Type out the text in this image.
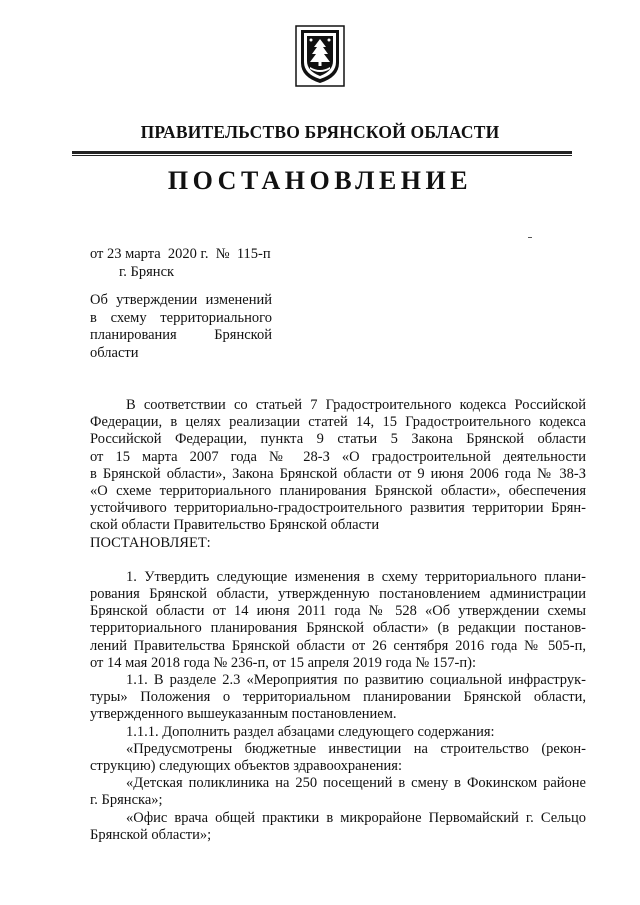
ПРАВИТЕЛЬСТВО БРЯНСКОЙ ОБЛАСТИ
ПОСТАНОВЛЕНИЕ
от 23 марта  2020 г.  №  115-п
г. Брянск
Об утверждении изменений
в схему территориального
планирования Брянской
области
В соответствии со статьей 7 Градостроительного кодекса Российской
Федерации, в целях реализации статей 14, 15 Градостроительного кодекса
Российской Федерации, пункта 9 статьи 5 Закона Брянской области
от 15 марта 2007 года № 28-З «О градостроительной деятельности
в Брянской области», Закона Брянской области от 9 июня 2006 года № 38-З
«О схеме территориального планирования Брянской области», обеспечения
устойчивого территориально-градостроительного развития территории Брян-
ской области Правительство Брянской области
ПОСТАНОВЛЯЕТ:
1. Утвердить следующие изменения в схему территориального плани-
рования Брянской области, утвержденную постановлением администрации
Брянской области от 14 июня 2011 года № 528 «Об утверждении схемы
территориального планирования Брянской области» (в редакции постанов-
лений Правительства Брянской области от 26 сентября 2016 года № 505-п,
от 14 мая 2018 года № 236-п, от 15 апреля 2019 года № 157-п):
1.1. В разделе 2.3 «Мероприятия по развитию социальной инфраструк-
туры» Положения о территориальном планировании Брянской области,
утвержденного вышеуказанным постановлением.
1.1.1. Дополнить раздел абзацами следующего содержания:
«Предусмотрены бюджетные инвестиции на строительство (рекон-
струкцию) следующих объектов здравоохранения:
«Детская поликлиника на 250 посещений в смену в Фокинском районе
г. Брянска»;
«Офис врача общей практики в микрорайоне Первомайский г. Сельцо
Брянской области»;
